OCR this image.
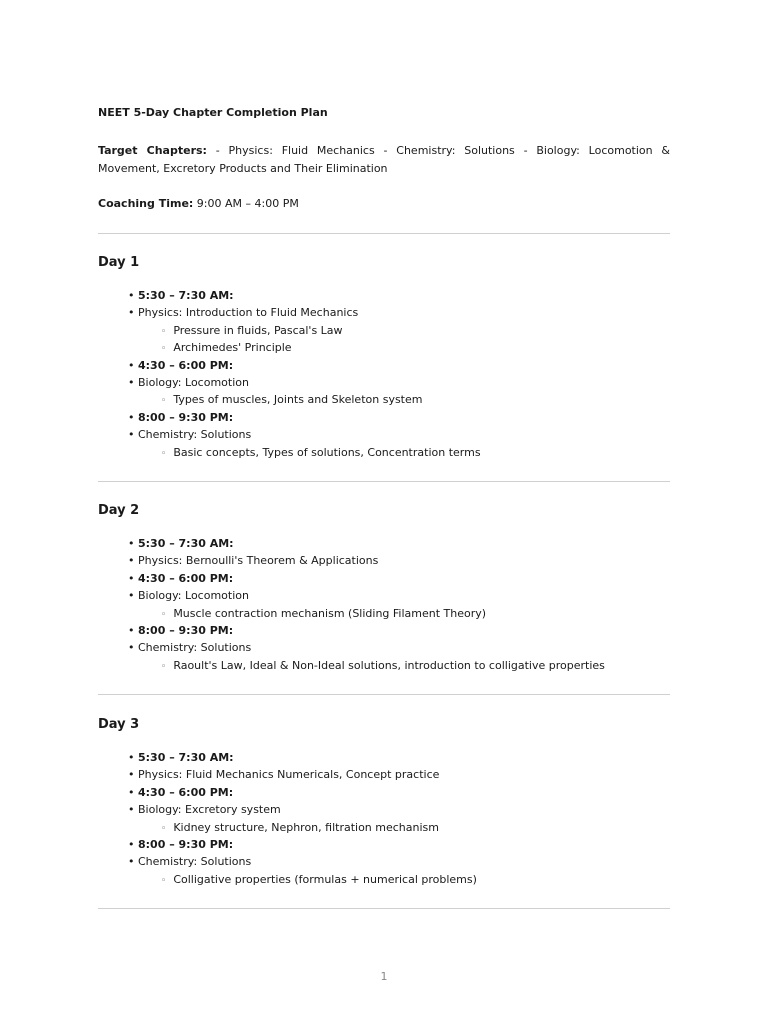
NEET 5-Day Chapter Completion Plan
Target Chapters: - Physics: Fluid Mechanics - Chemistry: Solutions - Biology: Locomotion & Movement, Excretory Products and Their Elimination
Coaching Time: 9:00 AM – 4:00 PM
Day 1
• 5:30 – 7:30 AM:
• Physics: Introduction to Fluid Mechanics
◦ Pressure in fluids, Pascal's Law
◦ Archimedes' Principle
• 4:30 – 6:00 PM:
• Biology: Locomotion
◦ Types of muscles, Joints and Skeleton system
• 8:00 – 9:30 PM:
• Chemistry: Solutions
◦ Basic concepts, Types of solutions, Concentration terms
Day 2
• 5:30 – 7:30 AM:
• Physics: Bernoulli's Theorem & Applications
• 4:30 – 6:00 PM:
• Biology: Locomotion
◦ Muscle contraction mechanism (Sliding Filament Theory)
• 8:00 – 9:30 PM:
• Chemistry: Solutions
◦ Raoult's Law, Ideal & Non-Ideal solutions, introduction to colligative properties
Day 3
• 5:30 – 7:30 AM:
• Physics: Fluid Mechanics Numericals, Concept practice
• 4:30 – 6:00 PM:
• Biology: Excretory system
◦ Kidney structure, Nephron, filtration mechanism
• 8:00 – 9:30 PM:
• Chemistry: Solutions
◦ Colligative properties (formulas + numerical problems)
1
